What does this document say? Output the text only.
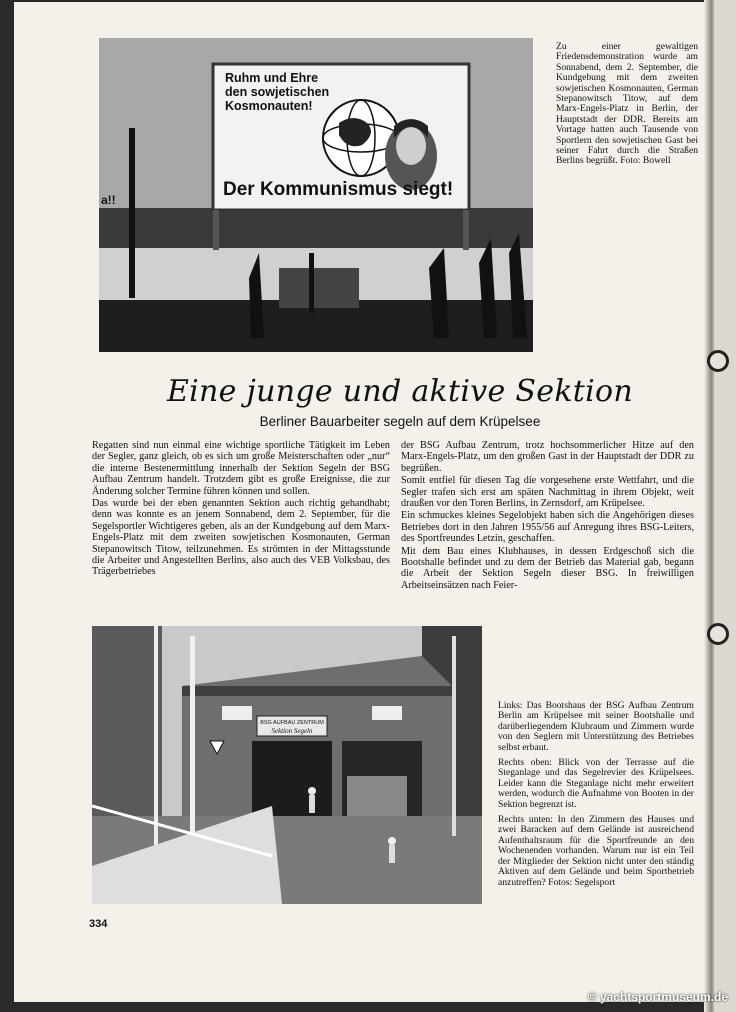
Ruhm und Ehre
den sowjetischen
Kosmonauten!
Der Kommunismus siegt!
a!!

Zu einer gewaltigen Friedensdemonstration wurde am Sonnabend, dem 2. September, die Kundgebung mit dem zweiten sowjetischen Kosmonauten, German Stepanowitsch Titow, auf dem Marx-Engels-Platz in Berlin, der Hauptstadt der DDR. Bereits am Vortage hatten auch Tausende von Sportlern den sowjetischen Gast bei seiner Fahrt durch die Straßen Berlins begrüßt. Foto: Bowell

Eine junge und aktive Sektion
Berliner Bauarbeiter segeln auf dem Krüpelsee

Regatten sind nun einmal eine wichtige sportliche Tätigkeit im Leben der Segler, ganz gleich, ob es sich um große Meisterschaften oder „nur“ die interne Bestenermittlung innerhalb der Sektion Segeln der BSG Aufbau Zentrum handelt. Trotzdem gibt es große Ereignisse, die zur Änderung solcher Termine führen können und sollen.

Das wurde bei der eben genannten Sektion auch richtig gehandhabt; denn was konnte es an jenem Sonnabend, dem 2. September, für die Segelsportler Wichtigeres geben, als an der Kundgebung auf dem Marx-Engels-Platz mit dem zweiten sowjetischen Kosmonauten, German Stepanowitsch Titow, teilzunehmen. Es strömten in der Mittagsstunde die Arbeiter und Angestellten Berlins, also auch des VEB Volksbau, des Trägerbetriebes

der BSG Aufbau Zentrum, trotz hochsommerlicher Hitze auf den Marx-Engels-Platz, um den großen Gast in der Hauptstadt der DDR zu begrüßen.

Somit entfiel für diesen Tag die vorgesehene erste Wettfahrt, und die Segler trafen sich erst am späten Nachmittag in ihrem Objekt, weit draußen vor den Toren Berlins, in Zernsdorf, am Krüpelsee.

Ein schmuckes kleines Segelobjekt haben sich die Angehörigen dieses Betriebes dort in den Jahren 1955/56 auf Anregung ihres BSG-Leiters, des Sportfreundes Letzin, geschaffen.

Mit dem Bau eines Klubhauses, in dessen Erdgeschoß sich die Bootshalle befindet und zu dem der Betrieb das Material gab, begann die Arbeit der Sektion Segeln dieser BSG. In freiwilligen Arbeitseinsätzen nach Feier-

BSG AUFBAU ZENTRUM
Sektion Segeln

Links: Das Bootshaus der BSG Aufbau Zentrum Berlin am Krüpelsee mit seiner Bootshalle und darüberliegendem Klubraum und Zimmern wurde von den Seglern mit Unterstützung des Betriebes selbst erbaut.

Rechts oben: Blick von der Terrasse auf die Steganlage und das Segelrevier des Krüpelsees. Leider kann die Steganlage nicht mehr erweitert werden, wodurch die Aufnahme von Booten in der Sektion begrenzt ist.

Rechts unten: In den Zimmern des Hauses und zwei Baracken auf dem Gelände ist ausreichend Aufenthaltsraum für die Sportfreunde an den Wochenenden vorhanden. Warum nur ist ein Teil der Mitglieder der Sektion nicht unter den ständig Aktiven auf dem Gelände und beim Sportbetrieb anzutreffen? Fotos: Segelsport

334
© yachtsportmuseum.de
